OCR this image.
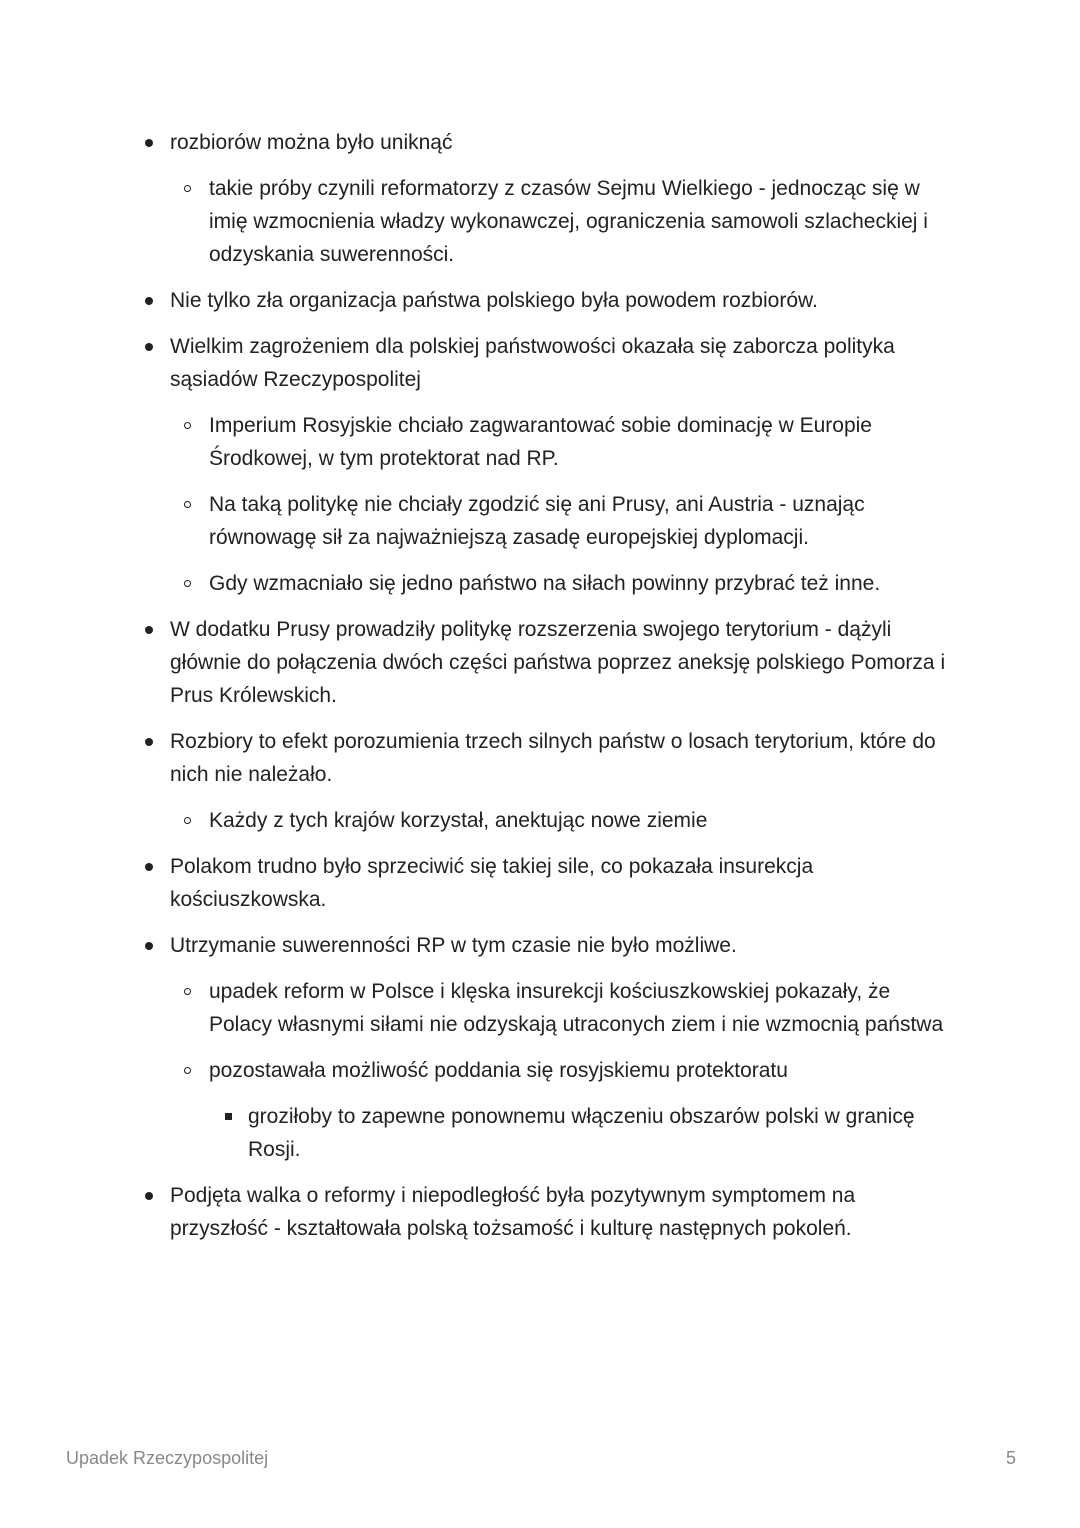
rozbiorów można było uniknąć
takie próby czynili reformatorzy z czasów Sejmu Wielkiego - jednocząc się w imię wzmocnienia władzy wykonawczej, ograniczenia samowoli szlacheckiej i odzyskania suwerenności.
Nie tylko zła organizacja państwa polskiego była powodem rozbiorów.
Wielkim zagrożeniem dla polskiej państwowości okazała się zaborcza polityka sąsiadów Rzeczypospolitej
Imperium Rosyjskie chciało zagwarantować sobie dominację w Europie Środkowej, w tym protektorat nad RP.
Na taką politykę nie chciały zgodzić się ani Prusy, ani Austria - uznając równowagę sił za najważniejszą zasadę europejskiej dyplomacji.
Gdy wzmacniało się jedno państwo na siłach powinny przybrać też inne.
W dodatku Prusy prowadziły politykę rozszerzenia swojego terytorium - dążyli głównie do połączenia dwóch części państwa poprzez aneksję polskiego Pomorza i Prus Królewskich.
Rozbiory to efekt porozumienia trzech silnych państw o losach terytorium, które do nich nie należało.
Każdy z tych krajów korzystał, anektując nowe ziemie
Polakom trudno było sprzeciwić się takiej sile, co pokazała insurekcja kościuszkowska.
Utrzymanie suwerenności RP w tym czasie nie było możliwe.
upadek reform w Polsce i klęska insurekcji kościuszkowskiej pokazały, że Polacy własnymi siłami nie odzyskają utraconych ziem i nie wzmocnią państwa
pozostawała możliwość poddania się rosyjskiemu protektoratu
groziłoby to zapewne ponownemu włączeniu obszarów polski w granicę Rosji.
Podjęta walka o reformy i niepodległość była pozytywnym symptomem na przyszłość - kształtowała polską tożsamość i kulturę następnych pokoleń.
Upadek Rzeczypospolitej	5
